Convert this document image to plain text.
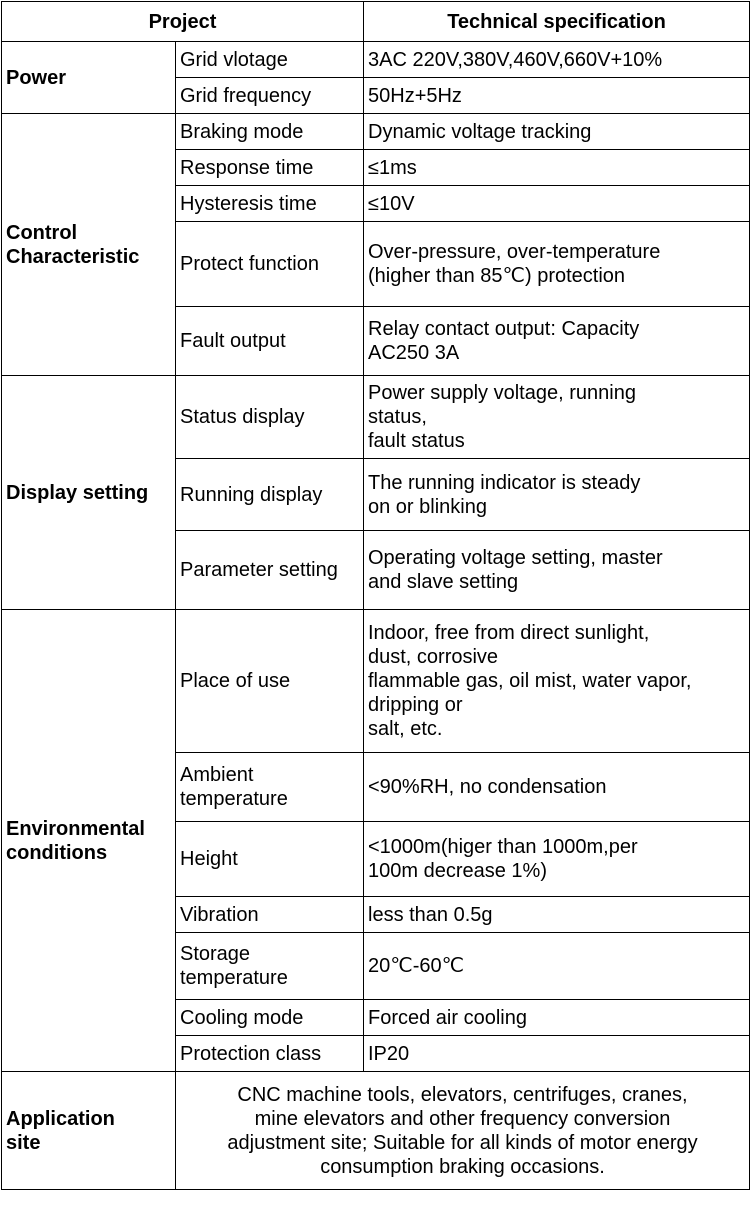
Project		Technical specification
Power	Grid vlotage	3AC 220V,380V,460V,660V+10%
	Grid frequency	50Hz+5Hz
Control
Characteristic	Braking mode	Dynamic voltage tracking
	Response time	≤1ms
	Hysteresis time	≤10V
	Protect function	Over-pressure, over-temperature
(higher than 85℃) protection
	Fault output	Relay contact output: Capacity
AC250 3A
Display setting	Status display	Power supply voltage, running
status,
fault status
	Running display	The running indicator is steady
on or blinking
	Parameter setting	Operating voltage setting, master
and slave setting
Environmental
conditions	Place of use	Indoor, free from direct sunlight,
dust, corrosive
flammable gas, oil mist, water vapor,
dripping or
salt, etc.
	Ambient
temperature	<90%RH, no condensation
	Height	<1000m(higer than 1000m,per
100m decrease 1%)
	Vibration	less than 0.5g
	Storage
temperature	20℃-60℃
	Cooling mode	Forced air cooling
	Protection class	IP20
Application
site	CNC machine tools, elevators, centrifuges, cranes,
mine elevators and other frequency conversion
adjustment site; Suitable for all kinds of motor energy
consumption braking occasions.	
